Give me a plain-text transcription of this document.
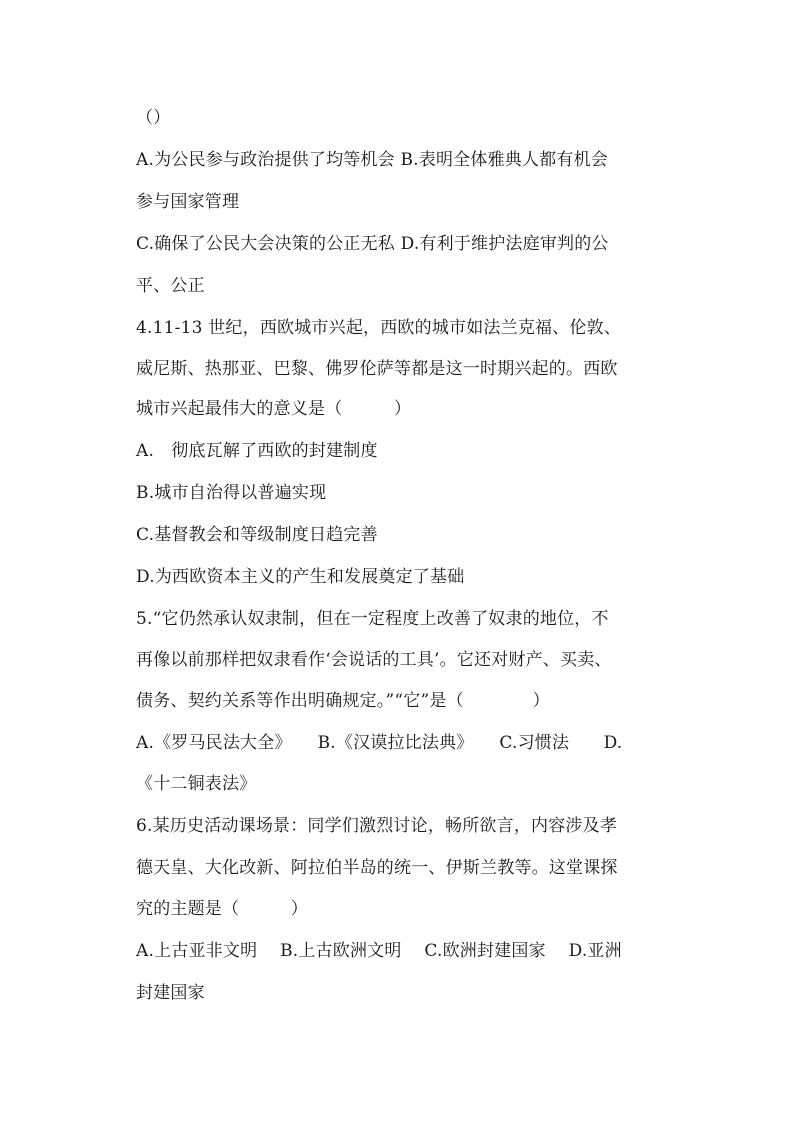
（）
A.为公民参与政治提供了均等机会 B.表明全体雅典人都有机会
参与国家管理
C.确保了公民大会决策的公正无私 D.有利于维护法庭审判的公
平、公正
4.11-13 世纪，西欧城市兴起，西欧的城市如法兰克福、伦敦、
威尼斯、热那亚、巴黎、佛罗伦萨等都是这一时期兴起的。西欧
城市兴起最伟大的意义是（　　　）
A.　彻底瓦解了西欧的封建制度
B.城市自治得以普遍实现
C.基督教会和等级制度日趋完善
D.为西欧资本主义的产生和发展奠定了基础
5.“它仍然承认奴隶制，但在一定程度上改善了奴隶的地位，不
再像以前那样把奴隶看作‘会说话的工具’。它还对财产、买卖、
债务、契约关系等作出明确规定。”“它”是（　　　　）
A.《罗马民法大全》　　B.《汉谟拉比法典》　　C.习惯法　　D.
《十二铜表法》
6.某历史活动课场景：同学们激烈讨论，畅所欲言，内容涉及孝
德天皇、大化改新、阿拉伯半岛的统一、伊斯兰教等。这堂课探
究的主题是（　　　）
A.上古亚非文明　 B.上古欧洲文明　 C.欧洲封建国家　 D.亚洲
封建国家
